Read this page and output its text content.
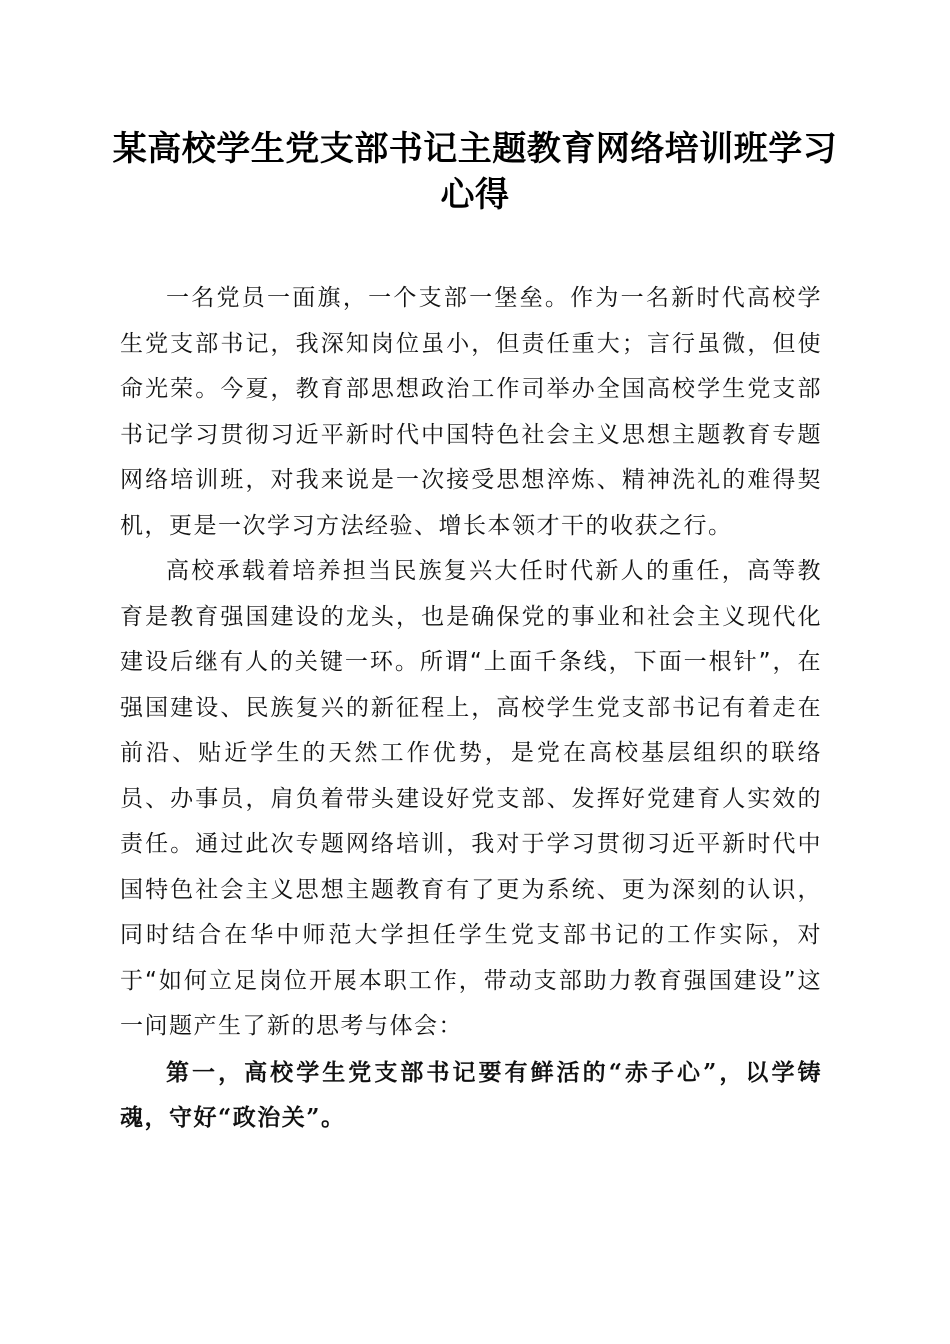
某高校学生党支部书记主题教育网络培训班学习心得

一名党员一面旗，一个支部一堡垒。作为一名新时代高校学生党支部书记，我深知岗位虽小，但责任重大；言行虽微，但使命光荣。今夏，教育部思想政治工作司举办全国高校学生党支部书记学习贯彻习近平新时代中国特色社会主义思想主题教育专题网络培训班，对我来说是一次接受思想淬炼、精神洗礼的难得契机，更是一次学习方法经验、增长本领才干的收获之行。

高校承载着培养担当民族复兴大任时代新人的重任，高等教育是教育强国建设的龙头，也是确保党的事业和社会主义现代化建设后继有人的关键一环。所谓“上面千条线，下面一根针”，在强国建设、民族复兴的新征程上，高校学生党支部书记有着走在前沿、贴近学生的天然工作优势，是党在高校基层组织的联络员、办事员，肩负着带头建设好党支部、发挥好党建育人实效的责任。通过此次专题网络培训，我对于学习贯彻习近平新时代中国特色社会主义思想主题教育有了更为系统、更为深刻的认识，同时结合在华中师范大学担任学生党支部书记的工作实际，对于“如何立足岗位开展本职工作，带动支部助力教育强国建设”这一问题产生了新的思考与体会：

第一，高校学生党支部书记要有鲜活的“赤子心”，以学铸魂，守好“政治关”。
